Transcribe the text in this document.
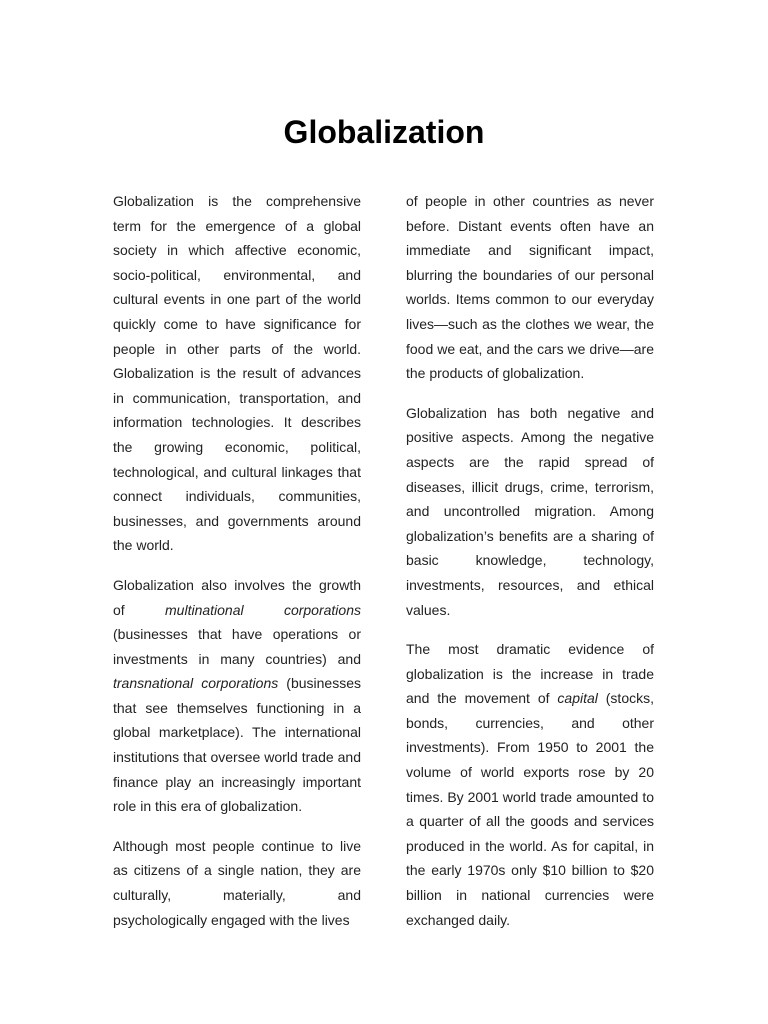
Globalization

Globalization is the comprehensive term for the emergence of a global society in which affective economic, socio-political, environmental, and cultural events in one part of the world quickly come to have significance for people in other parts of the world. Globalization is the result of advances in communication, transportation, and information technologies. It describes the growing economic, political, technological, and cultural linkages that connect individuals, communities, businesses, and governments around the world.

Globalization also involves the growth of multinational corporations (businesses that have operations or investments in many countries) and transnational corporations (businesses that see themselves functioning in a global marketplace). The international institutions that oversee world trade and finance play an increasingly important role in this era of globalization.

Although most people continue to live as citizens of a single nation, they are culturally, materially, and psychologically engaged with the lives

of people in other countries as never before. Distant events often have an immediate and significant impact, blurring the boundaries of our personal worlds. Items common to our everyday lives—such as the clothes we wear, the food we eat, and the cars we drive—are the products of globalization.

Globalization has both negative and positive aspects. Among the negative aspects are the rapid spread of diseases, illicit drugs, crime, terrorism, and uncontrolled migration. Among globalization’s benefits are a sharing of basic knowledge, technology, investments, resources, and ethical values.

The most dramatic evidence of globalization is the increase in trade and the movement of capital (stocks, bonds, currencies, and other investments). From 1950 to 2001 the volume of world exports rose by 20 times. By 2001 world trade amounted to a quarter of all the goods and services produced in the world. As for capital, in the early 1970s only $10 billion to $20 billion in national currencies were exchanged daily.
